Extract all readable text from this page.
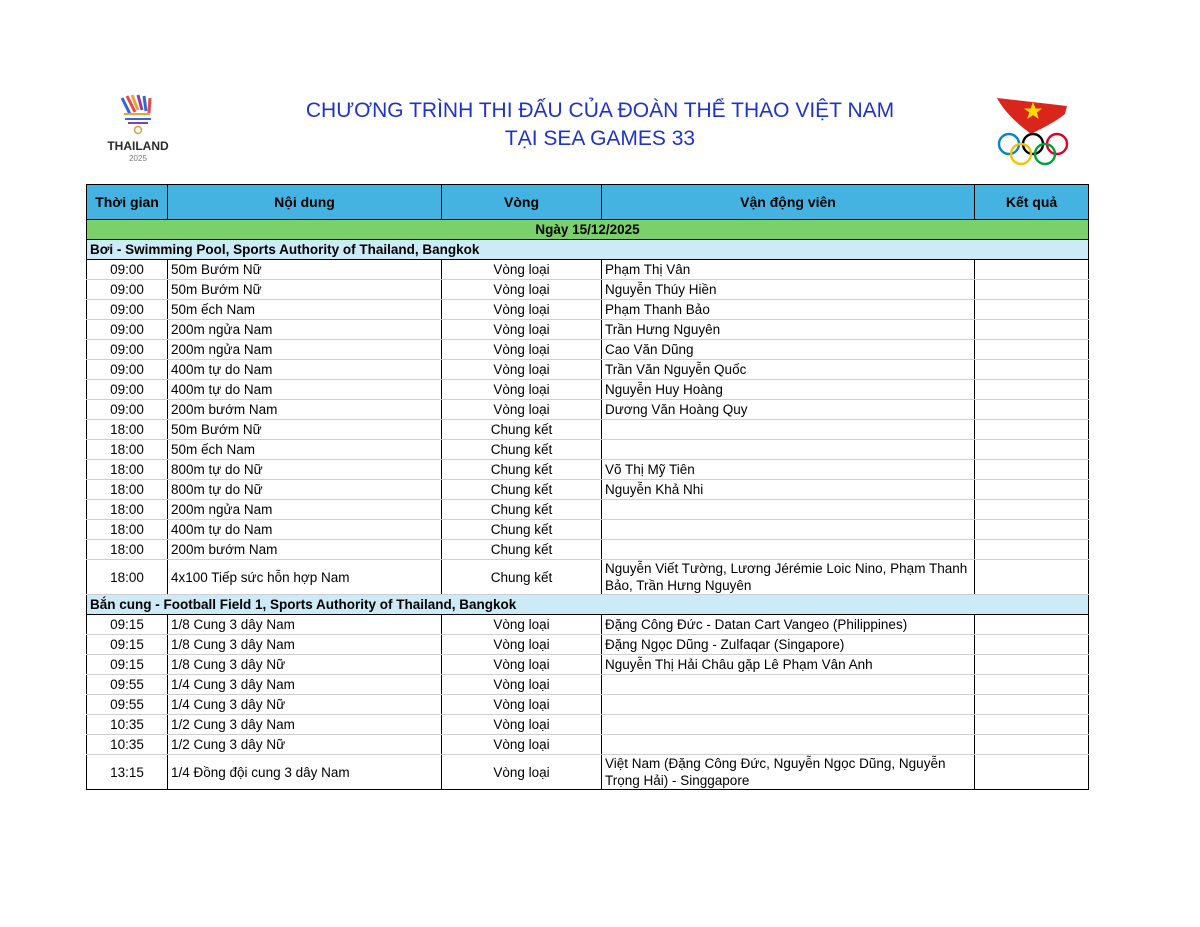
THAILAND
2025
CHƯƠNG TRÌNH THI ĐẤU CỦA ĐOÀN THỂ THAO VIỆT NAM
TẠI SEA GAMES 33
Thời gian	Nội dung	Vòng	Vận động viên	Kết quả
Ngày 15/12/2025				
Bơi - Swimming Pool, Sports Authority of Thailand, Bangkok				
09:00	50m Bướm Nữ	Vòng loại	Phạm Thị Vân	
09:00	50m Bướm Nữ	Vòng loại	Nguyễn Thúy Hiền	
09:00	50m ếch Nam	Vòng loại	Phạm Thanh Bảo	
09:00	200m ngửa Nam	Vòng loại	Trần Hưng Nguyên	
09:00	200m ngửa Nam	Vòng loại	Cao Văn Dũng	
09:00	400m tự do Nam	Vòng loại	Trần Văn Nguyễn Quốc	
09:00	400m tự do Nam	Vòng loại	Nguyễn Huy Hoàng	
09:00	200m bướm Nam	Vòng loại	Dương Văn Hoàng Quy	
18:00	50m Bướm Nữ	Chung kết		
18:00	50m ếch Nam	Chung kết		
18:00	800m tự do Nữ	Chung kết	Võ Thị Mỹ Tiên	
18:00	800m tự do Nữ	Chung kết	Nguyễn Khả Nhi	
18:00	200m ngửa Nam	Chung kết		
18:00	400m tự do Nam	Chung kết		
18:00	200m bướm Nam	Chung kết		
18:00	4x100 Tiếp sức hỗn hợp Nam	Chung kết	Nguyễn Viết Tường, Lương Jérémie Loic Nino, Phạm Thanh Bảo, Trần Hưng Nguyên	
Bắn cung - Football Field 1, Sports Authority of Thailand, Bangkok				
09:15	1/8 Cung 3 dây Nam	Vòng loại	Đặng Công Đức - Datan Cart Vangeo (Philippines)	
09:15	1/8 Cung 3 dây Nam	Vòng loại	Đặng Ngọc Dũng - Zulfaqar (Singapore)	
09:15	1/8 Cung 3 dây Nữ	Vòng loại	Nguyễn Thị Hải Châu gặp Lê Phạm Vân Anh	
09:55	1/4 Cung 3 dây Nam	Vòng loại		
09:55	1/4 Cung 3 dây Nữ	Vòng loại		
10:35	1/2 Cung 3 dây Nam	Vòng loại		
10:35	1/2 Cung 3 dây Nữ	Vòng loại		
13:15	1/4 Đồng đội cung 3 dây Nam	Vòng loại	Việt Nam (Đặng Công Đức, Nguyễn Ngọc Dũng, Nguyễn Trọng Hải) - Singgapore	
